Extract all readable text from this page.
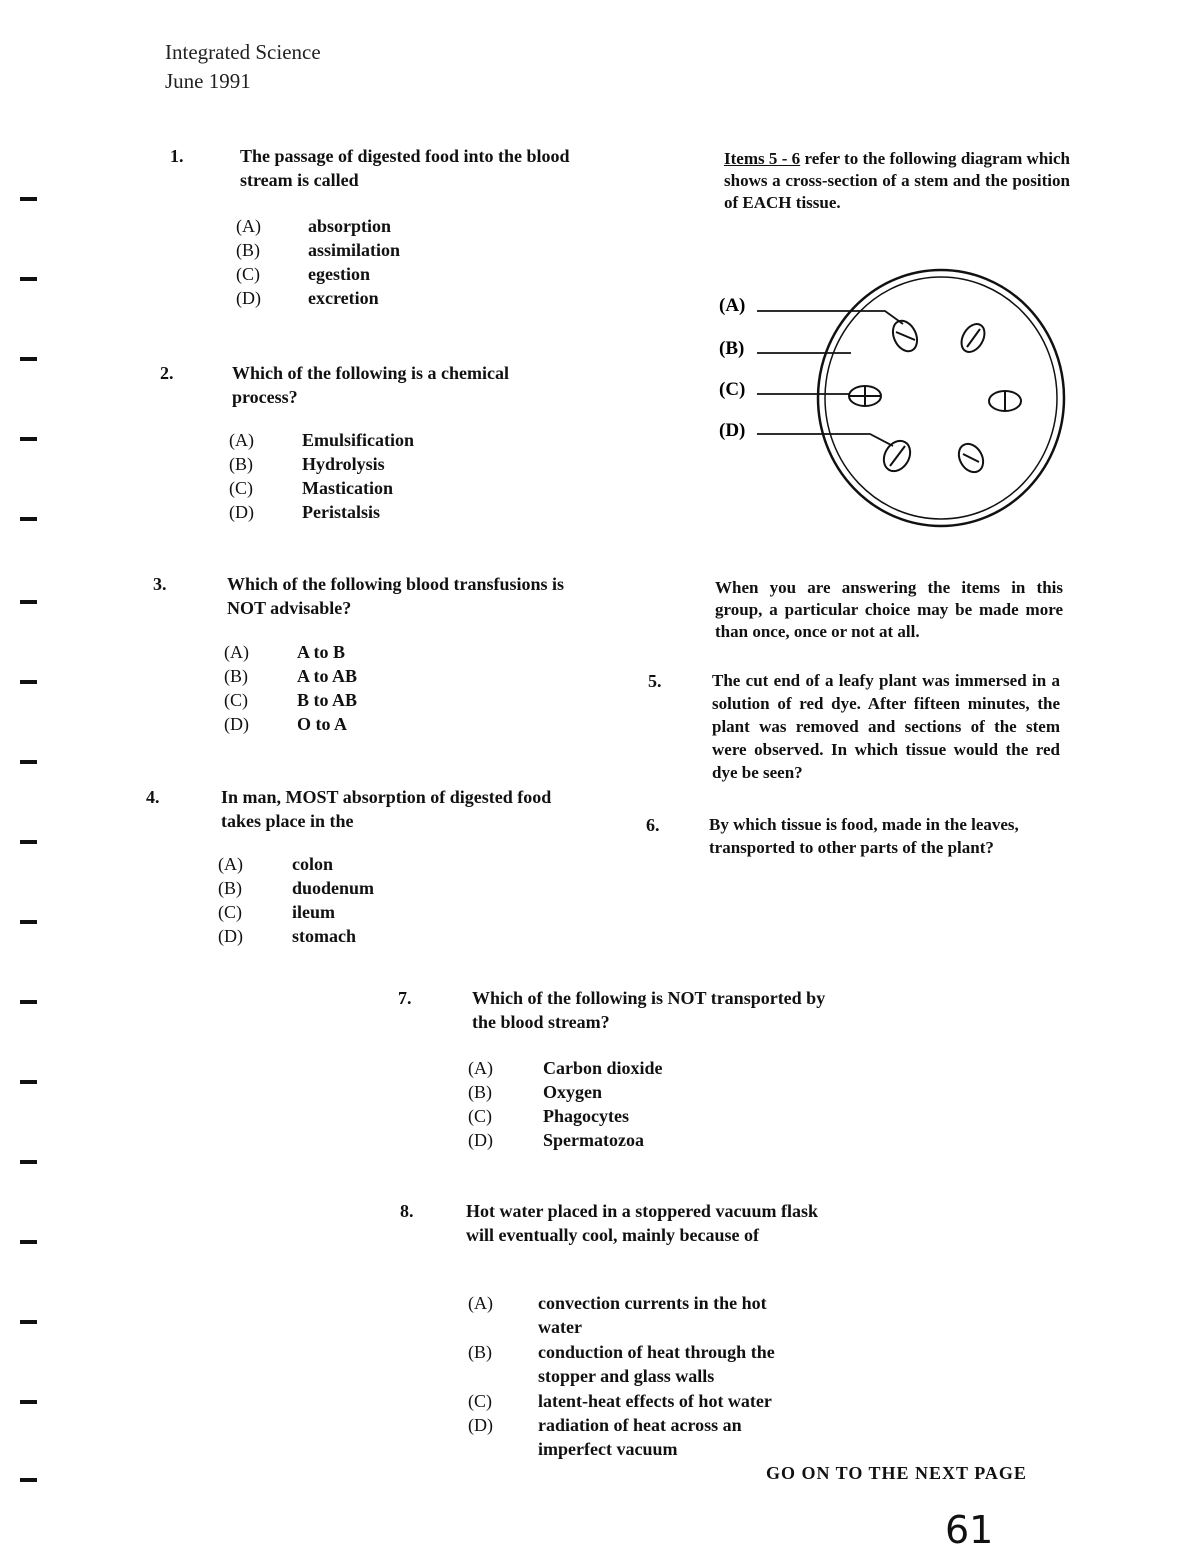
Integrated Science
June 1991
1.	The passage of digested food into the blood stream is called
(A)	absorption
(B)	assimilation
(C)	egestion
(D)	excretion
2.	Which of the following is a chemical process?
(A)	Emulsification
(B)	Hydrolysis
(C)	Mastication
(D)	Peristalsis
3.	Which of the following blood transfusions is NOT advisable?
(A)	A to B
(B)	A to AB
(C)	B to AB
(D)	O to A
4.	In man, MOST absorption of digested food takes place in the
(A)	colon
(B)	duodenum
(C)	ileum
(D)	stomach
Items 5 - 6 refer to the following diagram which shows a cross-section of a stem and the position of EACH tissue.
(A)
(B)
(C)
(D)
When you are answering the items in this group, a particular choice may be made more than once, once or not at all.
5.	The cut end of a leafy plant was immersed in a solution of red dye. After fifteen minutes, the plant was removed and sections of the stem were observed. In which tissue would the red dye be seen?
6.	By which tissue is food, made in the leaves, transported to other parts of the plant?
7.	Which of the following is NOT transported by the blood stream?
(A)	Carbon dioxide
(B)	Oxygen
(C)	Phagocytes
(D)	Spermatozoa
8.	Hot water placed in a stoppered vacuum flask will eventually cool, mainly because of
(A)	convection currents in the hot water
(B)	conduction of heat through the stopper and glass walls
(C)	latent-heat effects of hot water
(D)	radiation of heat across an imperfect vacuum
GO ON TO THE NEXT PAGE
61
